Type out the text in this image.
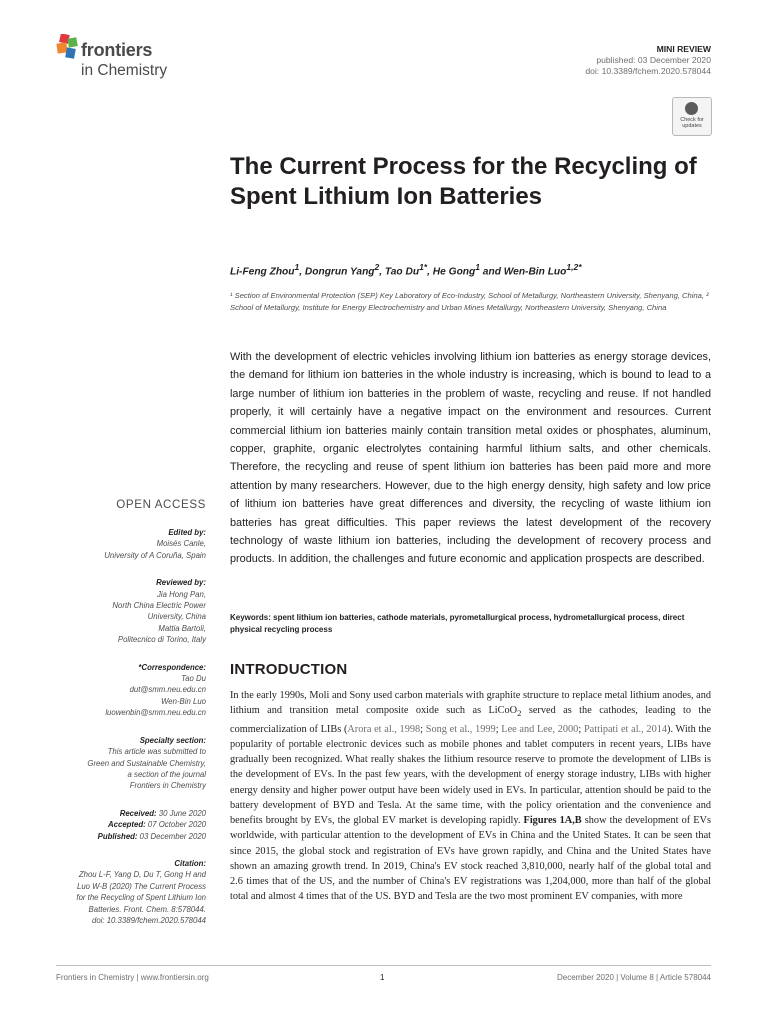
frontiers
in Chemistry
MINI REVIEW
published: 03 December 2020
doi: 10.3389/fchem.2020.578044
Check for updates
The Current Process for the Recycling of Spent Lithium Ion Batteries
Li-Feng Zhou$^1$, Dongrun Yang$^2$, Tao $Du^{1*}$, He Gong$^1$ and Wen-Bin Luo$^{1,2*}$
¹ Section of Environmental Protection (SEP) Key Laboratory of Eco-Industry, School of Metallurgy, Northeastern University, Shenyang, China, ² School of Metallurgy, Institute for Energy Electrochemistry and Urban Mines Metallurgy, Northeastern University, Shenyang, China
With the development of electric vehicles involving lithium ion batteries as energy storage devices, the demand for lithium ion batteries in the whole industry is increasing, which is bound to lead to a large number of lithium ion batteries in the problem of waste, recycling and reuse. If not handled properly, it will certainly have a negative impact on the environment and resources. Current commercial lithium ion batteries mainly contain transition metal oxides or phosphates, aluminum, copper, graphite, organic electrolytes containing harmful lithium salts, and other chemicals. Therefore, the recycling and reuse of spent lithium ion batteries has been paid more and more attention by many researchers. However, due to the high energy density, high safety and low price of lithium ion batteries have great differences and diversity, the recycling of waste lithium ion batteries has great difficulties. This paper reviews the latest development of the recovery technology of waste lithium ion batteries, including the development of recovery process and products. In addition, the challenges and future economic and application prospects are described.
Keywords: spent lithium ion batteries, cathode materials, pyrometallurgical process, hydrometallurgical process, direct physical recycling process
INTRODUCTION
In the early 1990s, Moli and Sony used carbon materials with graphite structure to replace metal lithium anodes, and lithium and transition metal composite oxide such as LiCoO$_2$ served as the cathodes, leading to the commercialization of LIBs (Arora et al., 1998; Song et al., 1999; Lee and Lee, 2000; Pattipati et al., 2014). With the popularity of portable electronic devices such as mobile phones and tablet computers in recent years, LIBs have gradually been recognized. What really shakes the lithium resource reserve to promote the development of LIBs is the development of EVs. In the past few years, with the development of energy storage industry, LIBs with higher energy density and higher power output have been widely used in EVs. In particular, attention should be paid to the battery development of BYD and Tesla. At the same time, with the policy orientation and the convenience and benefits brought by EVs, the global EV market is developing rapidly. Figures 1A,B show the development of EVs worldwide, with particular attention to the development of EVs in China and the United States. It can be seen that since 2015, the global stock and registration of EVs have grown rapidly, and China and the United States have shown an amazing growth trend. In 2019, China's EV stock reached 3,810,000, nearly half of the global total and 2.6 times that of the US, and the number of China's EV registrations was 1,204,000, more than half of the global total and almost 4 times that of the US. BYD and Tesla are the two most prominent EV companies, with more
OPEN ACCESS
Edited by:
Moisés Canle,
University of A Coruña, Spain
Reviewed by:
Jia Hong Pan,
North China Electric Power
University, China
Mattia Bartoli,
Politecnico di Torino, Italy
*Correspondence:
Tao Du
dut@smm.neu.edu.cn
Wen-Bin Luo
luowenbin@smm.neu.edu.cn
Specialty section:
This article was submitted to
Green and Sustainable Chemistry,
a section of the journal
Frontiers in Chemistry
Received: 30 June 2020
Accepted: 07 October 2020
Published: 03 December 2020
Citation:
Zhou L-F, Yang D, Du T, Gong H and
Luo W-B (2020) The Current Process
for the Recycling of Spent Lithium Ion
Batteries. Front. Chem. 8:578044.
doi: 10.3389/fchem.2020.578044
Frontiers in Chemistry | www.frontiersin.org	1	December 2020 | Volume 8 | Article 578044
